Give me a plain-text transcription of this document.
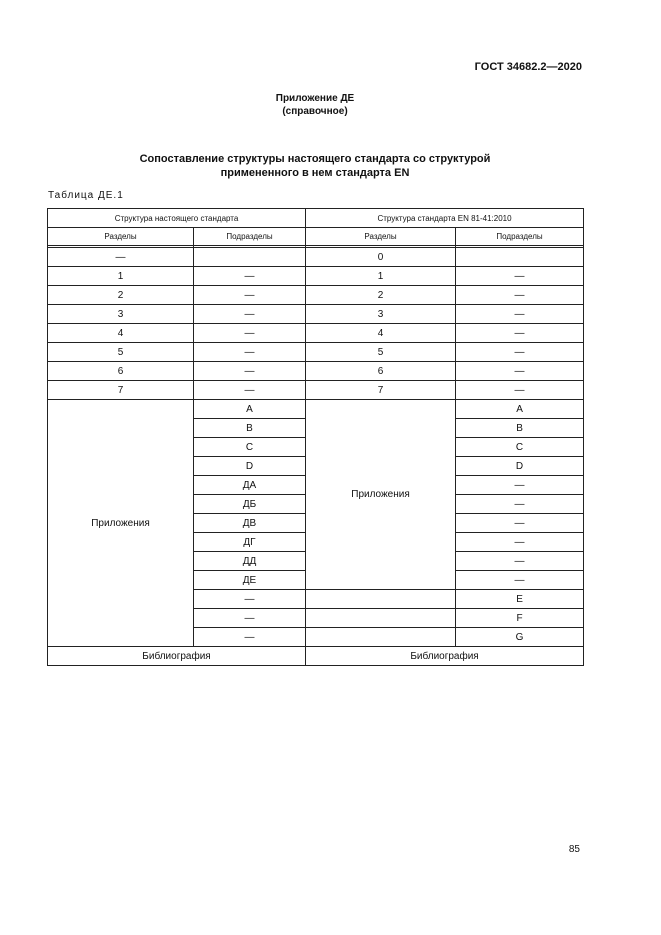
ГОСТ 34682.2—2020
Приложение ДЕ
(справочное)
Сопоставление структуры настоящего стандарта со структурой
примененного в нем стандарта EN
Таблица ДЕ.1
Структура настоящего стандарта		Структура стандарта EN 81-41:2010	
Разделы	Подразделы	Разделы	Подразделы

—		0	
1	—	1	—
2	—	2	—
3	—	3	—
4	—	4	—
5	—	5	—
6	—	6	—
7	—	7	—
Приложения	А	Приложения	А
	В		В
	С		С
	D		D
	ДА		—
	ДБ		—
	ДВ		—
	ДГ		—
	ДД		—
	ДЕ		—
	—		E
	—		F
	—		G
Библиография		Библиография	
85
